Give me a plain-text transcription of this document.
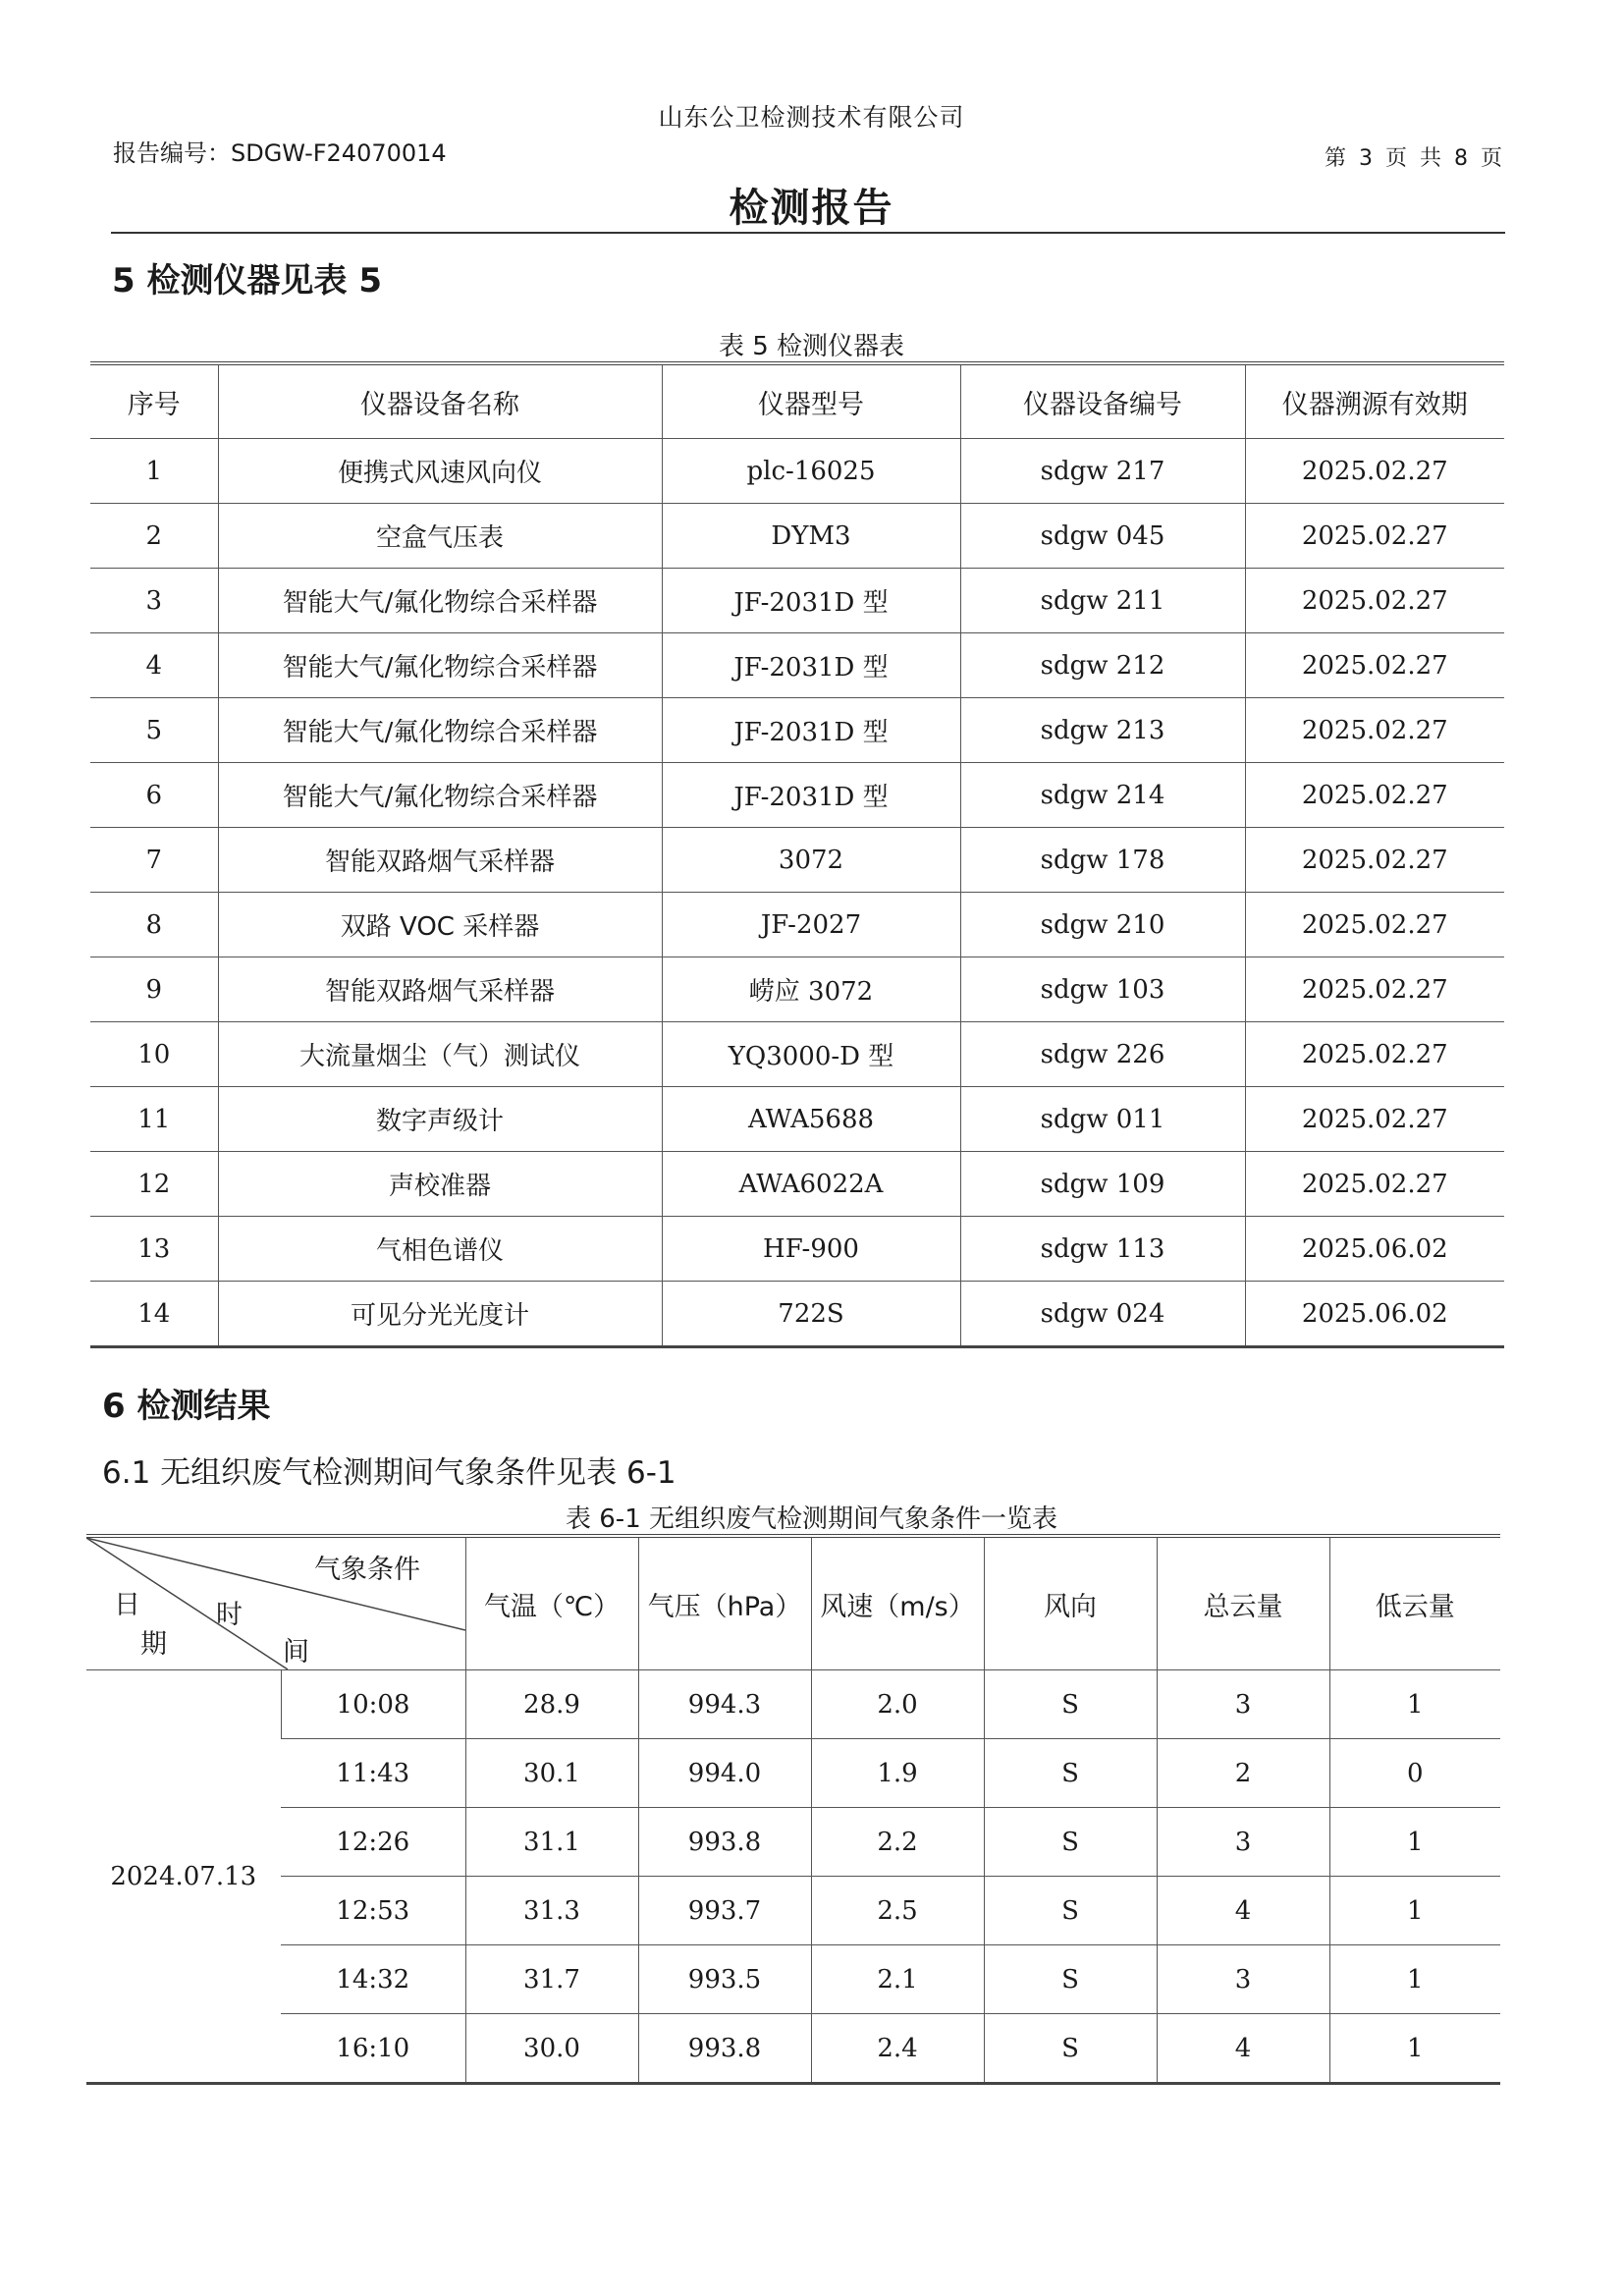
山东公卫检测技术有限公司
报告编号：SDGW-F24070014	第 3 页 共 8 页
检测报告
5 检测仪器见表 5
表 5 检测仪器表
序号	仪器设备名称	仪器型号	仪器设备编号	仪器溯源有效期
1	便携式风速风向仪	plc-16025	sdgw 217	2025.02.27
2	空盒气压表	DYM3	sdgw 045	2025.02.27
3	智能大气/氟化物综合采样器	JF-2031D 型	sdgw 211	2025.02.27
4	智能大气/氟化物综合采样器	JF-2031D 型	sdgw 212	2025.02.27
5	智能大气/氟化物综合采样器	JF-2031D 型	sdgw 213	2025.02.27
6	智能大气/氟化物综合采样器	JF-2031D 型	sdgw 214	2025.02.27
7	智能双路烟气采样器	3072	sdgw 178	2025.02.27
8	双路 VOC 采样器	JF-2027	sdgw 210	2025.02.27
9	智能双路烟气采样器	崂应 3072	sdgw 103	2025.02.27
10	大流量烟尘（气）测试仪	YQ3000-D 型	sdgw 226	2025.02.27
11	数字声级计	AWA5688	sdgw 011	2025.02.27
12	声校准器	AWA6022A	sdgw 109	2025.02.27
13	气相色谱仪	HF-900	sdgw 113	2025.06.02
14	可见分光光度计	722S	sdgw 024	2025.06.02
6 检测结果
6.1 无组织废气检测期间气象条件见表 6-1
表 6-1 无组织废气检测期间气象条件一览表
气象条件
时
间
日
期		气温（℃）	气压（hPa）	风速（m/s）	风向	总云量	低云量
2024.07.13	10:08	28.9	994.3	2.0	S	3	1
	11:43	30.1	994.0	1.9	S	2	0
	12:26	31.1	993.8	2.2	S	3	1
	12:53	31.3	993.7	2.5	S	4	1
	14:32	31.7	993.5	2.1	S	3	1
	16:10	30.0	993.8	2.4	S	4	1
